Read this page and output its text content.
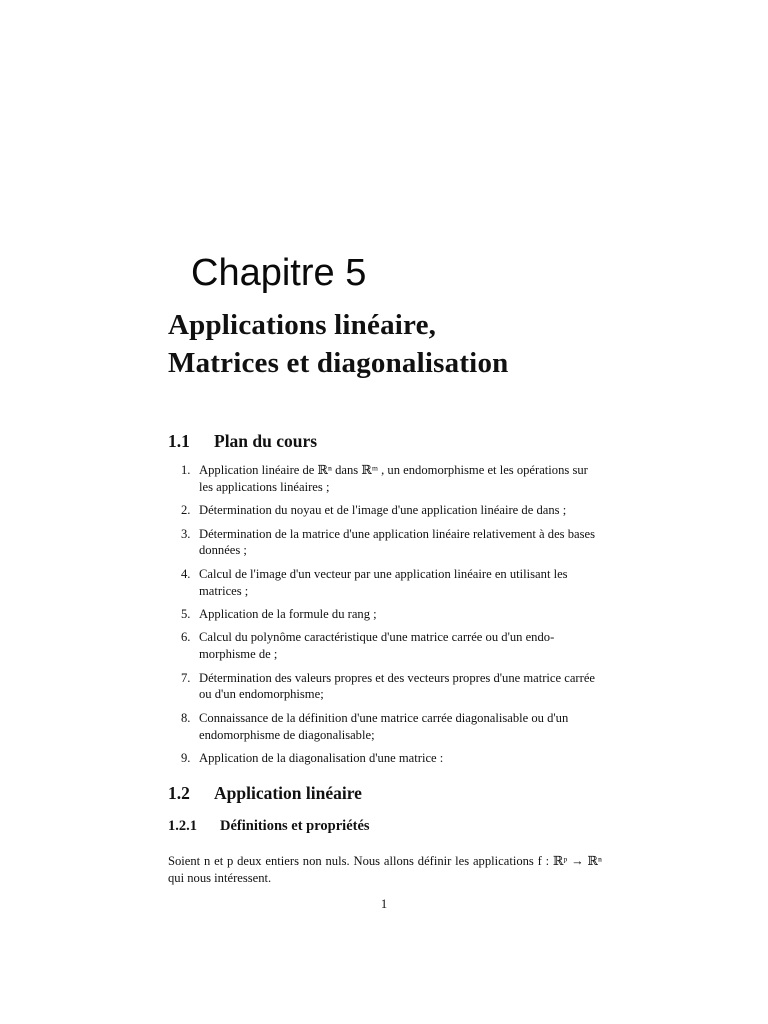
Chapitre 5
Applications linéaire,
Matrices et diagonalisation
1.1 Plan du cours
1. Application linéaire de ℝⁿ dans ℝᵐ , un endomorphisme et les opérations sur les applications linéaires ;
2. Détermination du noyau et de l'image d'une application linéaire de dans ;
3. Détermination de la matrice d'une application linéaire relativement à des bases données ;
4. Calcul de l'image d'un vecteur par une application linéaire en utilisant les matrices ;
5. Application de la formule du rang ;
6. Calcul du polynôme caractéristique d'une matrice carrée ou d'un endo- morphisme de ;
7. Détermination des valeurs propres et des vecteurs propres d'une matrice carrée ou d'un endomorphisme;
8. Connaissance de la définition d'une matrice carrée diagonalisable ou d'un endomorphisme de diagonalisable;
9. Application de la diagonalisation d'une matrice :
1.2 Application linéaire
1.2.1 Définitions et propriétés

Soient n et p deux entiers non nuls. Nous allons définir les applications f : ℝᵖ → ℝⁿ qui nous intéressent.

1
